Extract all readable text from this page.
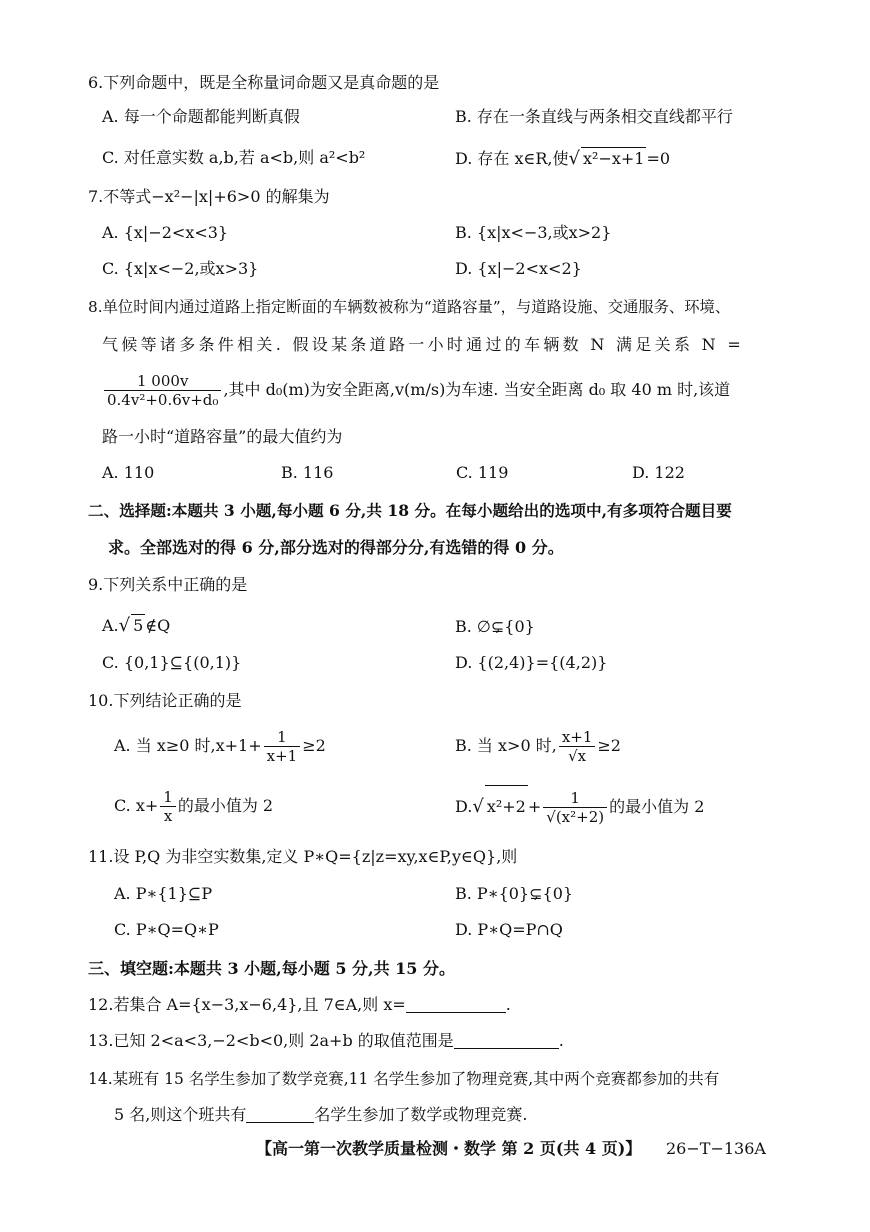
6.下列命题中，既是全称量词命题又是真命题的是
A. 每一个命题都能判断真假	B. 存在一条直线与两条相交直线都平行
C. 对任意实数 a,b,若 a<b,则 a²<b²	D. 存在 x∈R,使√ x²−x+1 =0
7.不等式−x²−|x|+6>0 的解集为
A. {x|−2<x<3}	B. {x|x<−3,或x>2}
C. {x|x<−2,或x>3}	D. {x|−2<x<2}
8.单位时间内通过道路上指定断面的车辆数被称为“道路容量”，与道路设施、交通服务、环境、
气候等诸多条件相关. 假设某条道路一小时通过的车辆数 N 满足关系 N =
$\frac{1 000v}{\text{0.4v²+0.6v+d₀}}$ ,其中 d₀(m)为安全距离,v(m/s)为车速. 当安全距离 d₀ 取 40 m 时,该道
路一小时“道路容量”的最大值约为
A. 110	B. 116	C. 119	D. 122
二、选择题:本题共 3 小题,每小题 6 分,共 18 分。在每小题给出的选项中,有多项符合题目要
求。全部选对的得 6 分,部分选对的得部分分,有选错的得 0 分。
9.下列关系中正确的是
A.√ 5 ∉Q	B. ∅⊊{0}
C. {0,1}⊆{(0,1)}	D. {(2,4)}={(4,2)}
10.下列结论正确的是
A. 当 x≥0 时$,x+1+ \frac{1}{x+1} \ge 2$	B. 当 x>0 时, $\frac{x+1}{√x} \ge 2$
C. $x+ \frac{1}{x}$ 的最小值为 2	D.√ $x^2+2 + \frac{1}{\text{√(x²+2)}}$ 的最小值为 2
11.设 P,Q 为非空实数集,定义 P∗Q={z|z=xy,x∈P,y∈Q},则
A. P∗{1}⊆P	B. P∗{0}⊊{0}
C. P∗Q=Q∗P	D. P∗Q=P∩Q
三、填空题:本题共 3 小题,每小题 5 分,共 15 分。
12.若集合 A={x−3,x−6,4},且 7∈A,则 x=	.
13.已知 2<a<3,−2<b<0,则 2a+b 的取值范围是	.
14.某班有 15 名学生参加了数学竞赛,11 名学生参加了物理竞赛,其中两个竞赛都参加的共有
5 名,则这个班共有	名学生参加了数学或物理竞赛.
【高一第一次教学质量检测・数学 第 2 页(共 4 页)】 26−T−136A
